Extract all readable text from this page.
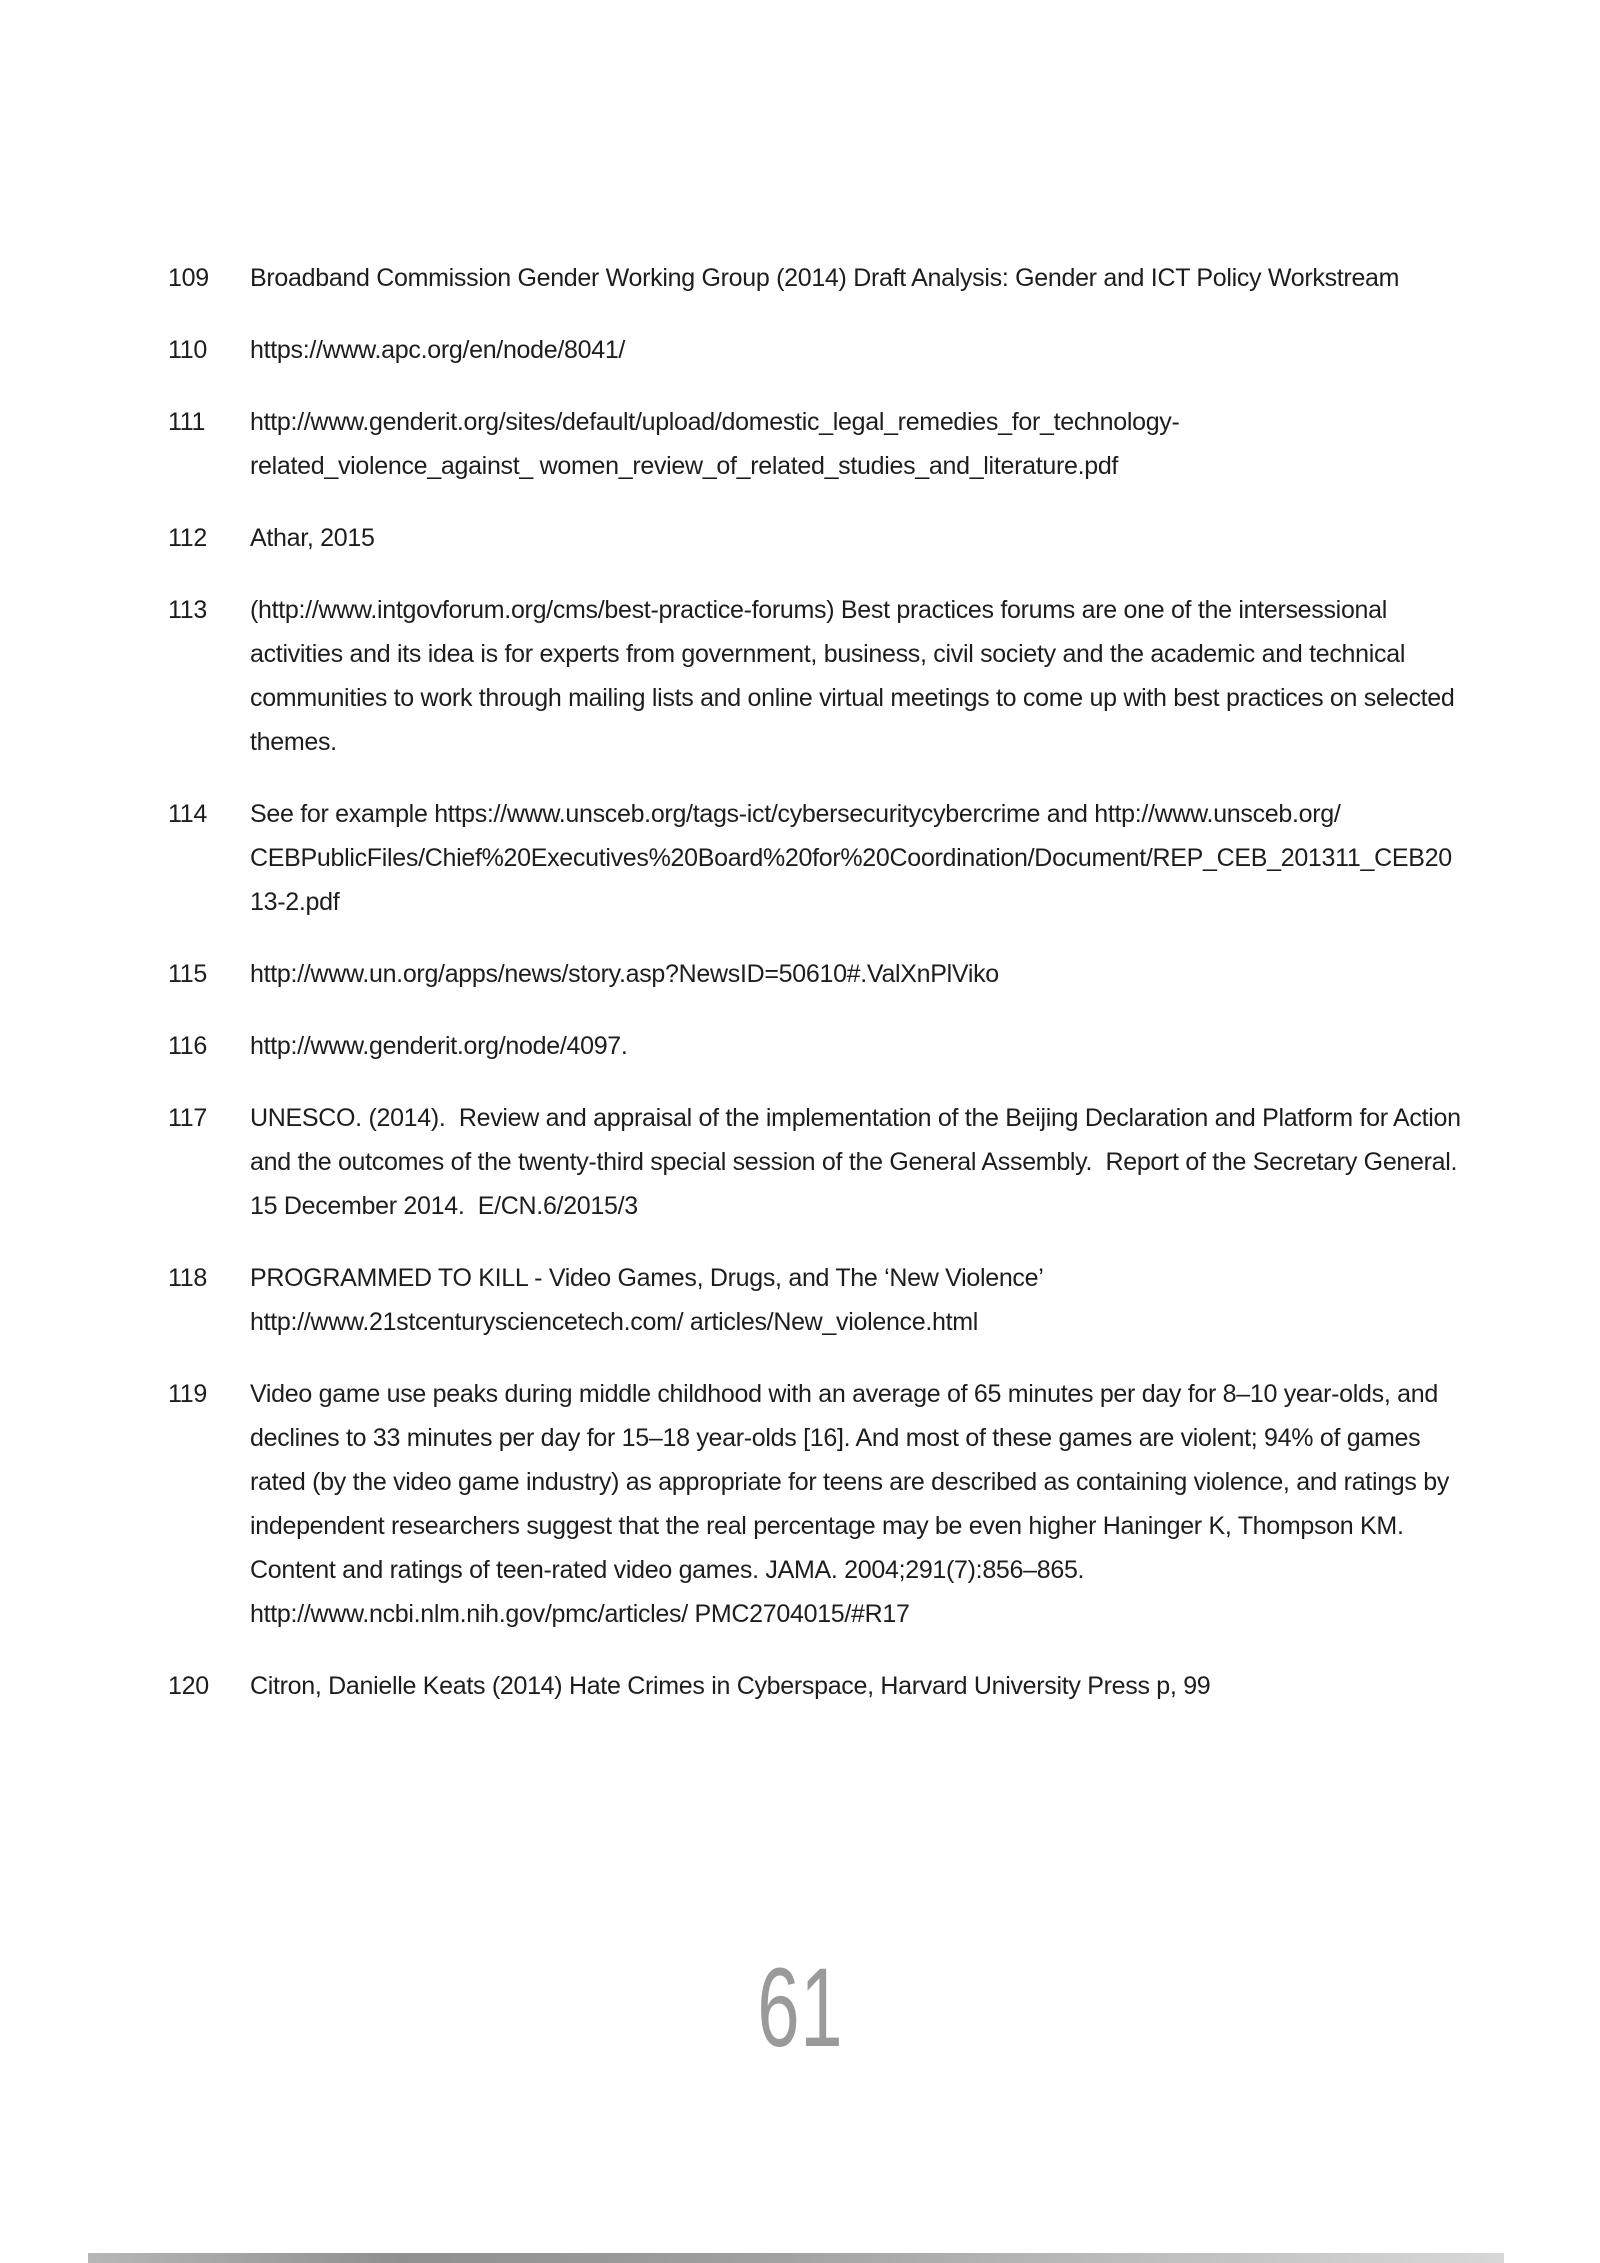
109	Broadband Commission Gender Working Group (2014) Draft Analysis: Gender and ICT Policy Workstream
110	https://www.apc.org/en/node/8041/
111	http://www.genderit.org/sites/default/upload/domestic_legal_remedies_for_technology-related_violence_against_ women_review_of_related_studies_and_literature.pdf
112	Athar, 2015
113	(http://www.intgovforum.org/cms/best-practice-forums) Best practices forums are one of the intersessional activities and its idea is for experts from government, business, civil society and the academic and technical communities to work through mailing lists and online virtual meetings to come up with best practices on selected themes.
114	See for example https://www.unsceb.org/tags-ict/cybersecuritycybercrime and http://www.unsceb.org/ CEBPublicFiles/Chief%20Executives%20Board%20for%20Coordination/Document/REP_CEB_201311_CEB2013-2.pdf
115	http://www.un.org/apps/news/story.asp?NewsID=50610#.ValXnPlViko
116	http://www.genderit.org/node/4097.
117	UNESCO. (2014).  Review and appraisal of the implementation of the Beijing Declaration and Platform for Action and the outcomes of the twenty-third special session of the General Assembly.  Report of the Secretary General. 15 December 2014.  E/CN.6/2015/3
118	PROGRAMMED TO KILL - Video Games, Drugs, and The ‘New Violence’  http://www.21stcenturysciencetech.com/ articles/New_violence.html
119	Video game use peaks during middle childhood with an average of 65 minutes per day for 8–10 year-olds, and declines to 33 minutes per day for 15–18 year-olds [16]. And most of these games are violent; 94% of games rated (by the video game industry) as appropriate for teens are described as containing violence, and ratings by independent researchers suggest that the real percentage may be even higher Haninger K, Thompson KM. Content and ratings of teen-rated video games. JAMA. 2004;291(7):856–865. http://www.ncbi.nlm.nih.gov/pmc/articles/ PMC2704015/#R17
120	Citron, Danielle Keats (2014) Hate Crimes in Cyberspace, Harvard University Press p, 99
61
